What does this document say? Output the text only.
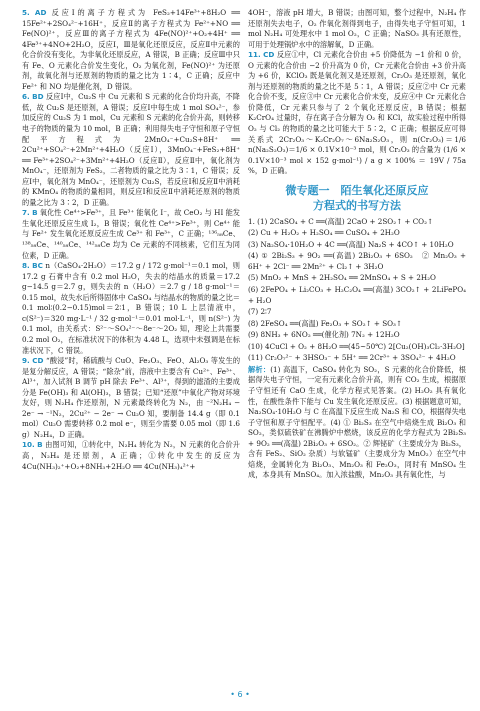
5. AD 反应Ⅰ的离子方程式为 FeS₂+14Fe³⁺+8H₂O ══ 15Fe²⁺+2SO₄²⁻+16H⁺，反应Ⅱ的离子方程式为 Fe²⁺+NO ══ Fe(NO)²⁺，反应Ⅲ的离子方程式为 4Fe(NO)²⁺+O₂+4H⁺ ══ 4Fe³⁺+4NO+2H₂O，反应Ⅰ，Ⅲ是氧化还原反应，反应Ⅱ中元素的化合价没有变化，为非氧化还原反应，A 错误，B 正确；反应Ⅲ中只有 Fe、O 元素化合价发生变化，O₂ 为氧化剂，Fe(NO)²⁺ 为还原剂，故氧化剂与还原剂的物质的量之比为 1∶4，C 正确；反应中 Fe²⁺ 和 NO 均是催化剂，D 错误。

6. BD 反应Ⅰ中，Cu₂S 中 Cu 元素和 S 元素的化合价均升高，不降低，故 Cu₂S 是还原剂，A 错误；反应Ⅰ中每生成 1 mol SO₄²⁻，参加反应的 Cu₂S 为 1 mol，Cu 元素和 S 元素的化合价升高，则转移电子的物质的量为 10 mol，B 正确；利用得失电子守恒和原子守恒配平方程式为 2MnO₄⁻+Cu₂S+8H⁺ ══ 2Cu²⁺+SO₄²⁻+2Mn²⁺+4H₂O（反应Ⅰ），3MnO₄⁻+FeS₂+8H⁺ ══ Fe³⁺+2SO₄²⁻+3Mn²⁺+4H₂O（反应Ⅱ），反应Ⅱ中，氧化剂为 MnO₄⁻，还原剂为 FeS₂，二者物质的量之比为 3∶1，C 错误；反应Ⅰ中，氧化剂为 MnO₄⁻，还原剂为 Cu₂S，若反应Ⅰ和反应Ⅱ中消耗的 KMnO₄ 的物质的量相同，则反应Ⅰ和反应Ⅱ中消耗还原剂的物质的量之比为 3∶2，D 正确。

7. B 氧化性 Ce⁴⁺>Fe³⁺，且 Fe³⁺ 能氧化 I⁻，故 CeO₂ 与 HI 能发生氧化还原反应生成 I₂，B 错误；氧化性 Ce⁴⁺>Fe³⁺，则 Ce⁴⁺ 能与 Fe²⁺ 发生氧化还原反应生成 Ce³⁺ 和 Fe³⁺，C 正确；¹³⁶₅₈Ce、¹³⁸₅₈Ce、¹⁴⁰₅₈Ce、¹⁴²₅₈Ce 均为 Ce 元素的不同核素，它们互为同位素，D 正确。

8. BC n（CaSO₄·2H₂O）＝17.2 g / 172 g·mol⁻¹＝0.1 mol，则 17.2 g 石膏中含有 0.2 mol H₂O，失去的结晶水的质量＝17.2 g−14.5 g＝2.7 g，则失去的 n（H₂O）＝2.7 g / 18 g·mol⁻¹＝0.15 mol，故失水后所得固体中 CaSO₄ 与结晶水的物质的量之比＝0.1 mol∶(0.2−0.15)mol＝2∶1，B 错误；10 L 上层清液中，c(S²⁻)＝320 mg·L⁻¹ / 32 g·mol⁻¹＝0.01 mol·L⁻¹，则 n(S²⁻) 为 0.1 mol，由关系式：S²⁻～SO₄²⁻～8e⁻～2O₂ 知，理论上共需要 0.2 mol O₂，在标准状况下的体积为 4.48 L，选项中未强调是在标准状况下，C 错误。

9. CD “酸浸”时，稀硫酸与 CuO、Fe₂O₃、FeO、Al₂O₃ 等发生的是复分解反应，A 错误；“除杂”前，溶液中主要含有 Cu²⁺、Fe³⁺、Al³⁺，加入试剂 B 调节 pH 除去 Fe³⁺、Al³⁺，得到的滤渣的主要成分是 Fe(OH)₃ 和 Al(OH)₃，B 错误；已知“还原”中氧化产物对环境友好，则 N₂H₄ 作还原剂，N 元素最终转化为 N₂，由 ⁻²N₂H₄ − 2e⁻ → ⁻¹N₂，2Cu²⁺ − 2e⁻ → Cu₂O 知，要制备 14.4 g（即 0.1 mol）Cu₂O 需要转移 0.2 mol e⁻，则至少需要 0.05 mol（即 1.6 g）N₂H₄，D 正确。

10. B 由图可知，①转化中，N₂H₄ 转化为 N₂，N 元素的化合价升高，N₂H₄ 是还原剂，A 正确；①转化中发生的反应为 4Cu(NH₃)₂⁺+O₂+8NH₃+2H₂O ══ 4Cu(NH₃)₄²⁺+

4OH⁻，溶液 pH 增大，B 错误；由图可知，整个过程中，N₂H₄ 作还原剂失去电子，O₂ 作氧化剂得到电子，由得失电子守恒可知，1 mol N₂H₄ 可处理水中 1 mol O₂，C 正确；NaSO₃ 具有还原性，可用于处理锅炉水中的溶解氧，D 正确。

11. CD 反应①中，Cl 元素化合价由 +5 价降低为 −1 价和 0 价，O 元素的化合价由 −2 价升高为 0 价，Cr 元素化合价由 +3 价升高为 +6 价，KClO₃ 既是氧化剂又是还原剂，Cr₂O₃ 是还原剂，氧化剂与还原剂的物质的量之比不是 5∶1，A 错误；反应②中 Cr 元素化合价不变，反应③中 Cr 元素化合价未变，反应④中 Cr 元素化合价降低，Cr 元素只参与了 2 个氧化还原反应，B 错误；根据 K₂CrO₄ 过量时，存在离子合分解为 O₂ 和 KCl，故实验过程中所得 O₂ 与 Cl₂ 的物质的量之比可能大于 5∶2，C 正确；根据反应可得关系式 2Cr₂O₃～K₂Cr₂O₇～6Na₂S₂O₃，则 n(Cr₂O₃)＝1/6 n(Na₂S₂O₃)＝1/6 × 0.1V×10⁻³ mol，则 Cr₂O₃ 的含量为 (1/6 × 0.1V×10⁻³ mol × 152 g·mol⁻¹) / a g × 100% ＝ 19V / 75a %，D 正确。

微专题一　陌生氧化还原反应
方程式的书写方法
1. (1) 2CaSO₄ + C ══(高温) 2CaO + 2SO₂↑ + CO₂↑
(2) Cu + H₂O₂ + H₂SO₄ ══ CuSO₄ + 2H₂O
(3) Na₂SO₄·10H₂O + 4C ══(高温) Na₂S + 4CO↑ + 10H₂O
(4) ① 2Bi₂S₃ + 9O₂ ══(高温) 2Bi₂O₃ + 6SO₂　② Mn₂O₃ + 6H⁺ + 2Cl⁻ ══ 2Mn²⁺ + Cl₂↑ + 3H₂O
(5) MnO₂ + MnS + 2H₂SO₄ ══ 2MnSO₄ + S + 2H₂O
(6) 2FePO₄ + Li₂CO₃ + H₂C₂O₄ ══(高温) 3CO₂↑ + 2LiFePO₄ + H₂O
(7) 2∶7
(8) 2FeSO₄ ══(高温) Fe₂O₃ + SO₂↑ + SO₃↑
(9) 8NH₃ + 6NO₂ ══(催化剂) 7N₂ + 12H₂O
(10) 4CuCl + O₂ + 8H₂O ══(45~50℃) 2[Cu₂(OH)₃Cl₂·3H₂O]
(11) Cr₂O₇²⁻ + 3HSO₃⁻ + 5H⁺ ══ 2Cr³⁺ + 3SO₄²⁻ + 4H₂O

解析：(1) 高温下，CaSO₄ 转化为 SO₂，S 元素的化合价降低，根据得失电子守恒，一定有元素化合价升高，则有 CO₂ 生成，根据原子守恒还有 CaO 生成，化学方程式见答案。(2) H₂O₂ 具有氧化性，在酸性条件下能与 Cu 发生氧化还原反应。(3) 根据题意可知，Na₂SO₄·10H₂O 与 C 在高温下反应生成 Na₂S 和 CO，根据得失电子守恒和原子守恒配平。(4) ① Bi₂S₃ 在空气中焙烧生成 Bi₂O₃ 和 SO₂，类似硫铁矿在沸腾炉中燃烧，该反应的化学方程式为 2Bi₂S₃ + 9O₂ ══(高温) 2Bi₂O₃ + 6SO₂。② 辉铋矿（主要成分为 Bi₂S₃，含有 FeS₂、SiO₂ 杂质）与软锰矿（主要成分为 MnO₂）在空气中焙烧，金属转化为 Bi₂O₃、Mn₂O₃ 和 Fe₂O₃，同时有 MnSO₄ 生成，本身具有 MnSO₄。加入浓盐酸，Mn₂O₃ 具有氧化性，与

• 6 •
